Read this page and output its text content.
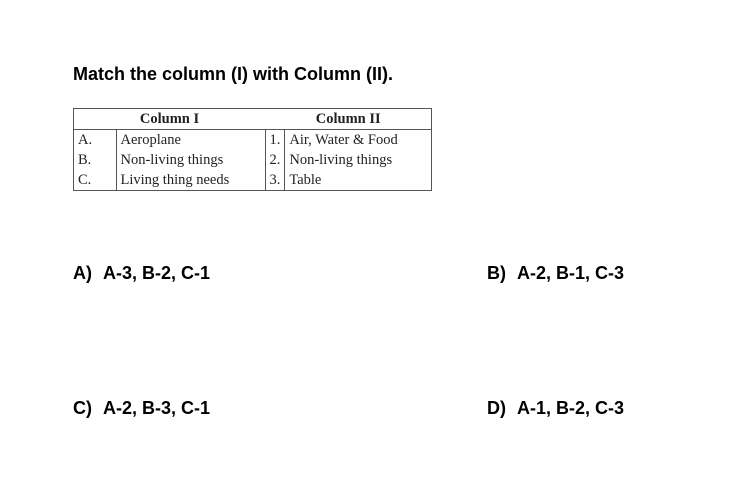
Match the column (I) with Column (II).
Column I		Column II	
A.	Aeroplane	1.	Air, Water & Food
B.	Non-living things	2.	Non-living things
C.	Living thing needs	3.	Table
A) A-3, B-2, C-1	B) A-2, B-1, C-3
C) A-2, B-3, C-1	D) A-1, B-2, C-3
